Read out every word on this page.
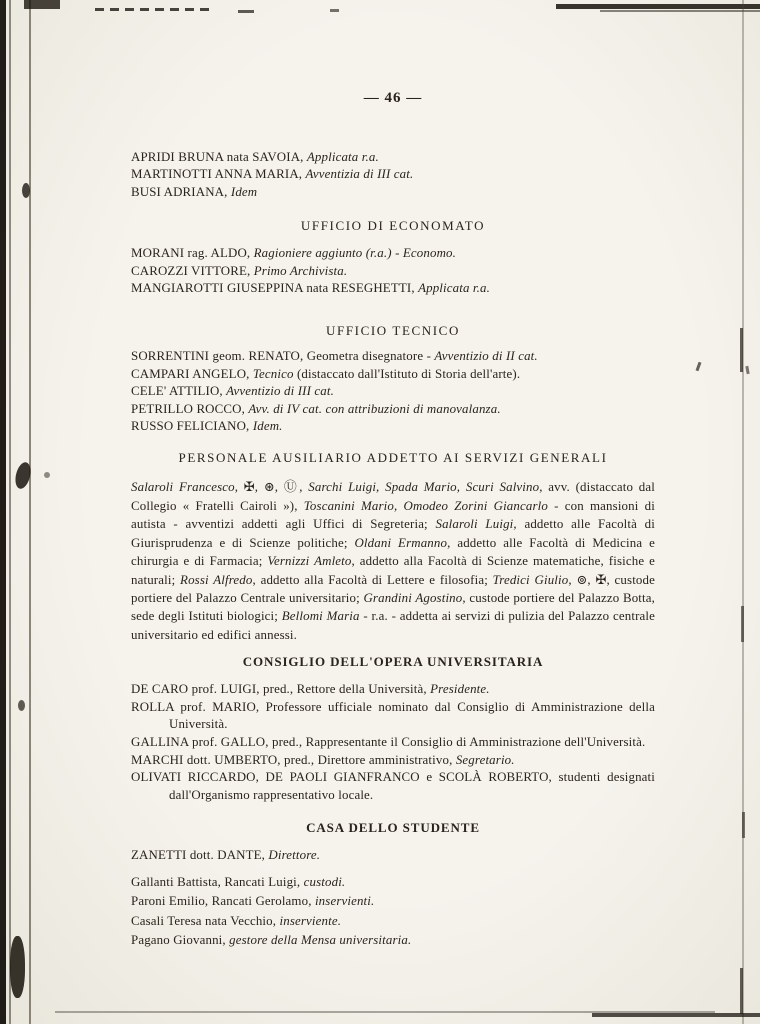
— 46 —

APRIDI BRUNA nata SAVOIA, Applicata r.a.

MARTINOTTI ANNA MARIA, Avventizia di III cat.

BUSI ADRIANA, Idem

UFFICIO DI ECONOMATO

MORANI rag. ALDO, Ragioniere aggiunto (r.a.) - Economo.

CAROZZI VITTORE, Primo Archivista.

MANGIAROTTI GIUSEPPINA nata RESEGHETTI, Applicata r.a.

UFFICIO TECNICO

SORRENTINI geom. RENATO, Geometra disegnatore - Avventizio di II cat.

CAMPARI ANGELO, Tecnico (distaccato dall'Istituto di Storia dell'arte).

CELE' ATTILIO, Avventizio di III cat.

PETRILLO ROCCO, Avv. di IV cat. con attribuzioni di manovalanza.

RUSSO FELICIANO, Idem.

PERSONALE AUSILIARIO ADDETTO AI SERVIZI GENERALI

Salaroli Francesco, ✠, ⊛, Ⓤ, Sarchi Luigi, Spada Mario, Scuri Salvino, avv. (distaccato dal Collegio « Fratelli Cairoli »), Toscanini Mario, Omodeo Zorini Giancarlo - con mansioni di autista - avventizi addetti agli Uffici di Segreteria; Salaroli Luigi, addetto alle Facoltà di Giurisprudenza e di Scienze politiche; Oldani Ermanno, addetto alle Facoltà di Medicina e chirurgia e di Farmacia; Vernizzi Amleto, addetto alla Facoltà di Scienze matematiche, fisiche e naturali; Rossi Alfredo, addetto alla Facoltà di Lettere e filosofia; Tredici Giulio, ⊚, ✠, custode portiere del Palazzo Centrale universitario; Grandini Agostino, custode portiere del Palazzo Botta, sede degli Istituti biologici; Bellomi Maria - r.a. - addetta ai servizi di pulizia del Palazzo centrale universitario ed edifici annessi.

CONSIGLIO DELL'OPERA UNIVERSITARIA

DE CARO prof. LUIGI, pred., Rettore della Università, Presidente.

ROLLA prof. MARIO, Professore ufficiale nominato dal Consiglio di Amministrazione della Università.

GALLINA prof. GALLO, pred., Rappresentante il Consiglio di Amministrazione dell'Università.

MARCHI dott. UMBERTO, pred., Direttore amministrativo, Segretario.

OLIVATI RICCARDO, DE PAOLI GIANFRANCO e SCOLÀ ROBERTO, studenti designati dall'Organismo rappresentativo locale.

CASA DELLO STUDENTE

ZANETTI dott. DANTE, Direttore.

Gallanti Battista, Rancati Luigi, custodi.

Paroni Emilio, Rancati Gerolamo, inservienti.

Casali Teresa nata Vecchio, inserviente.

Pagano Giovanni, gestore della Mensa universitaria.
